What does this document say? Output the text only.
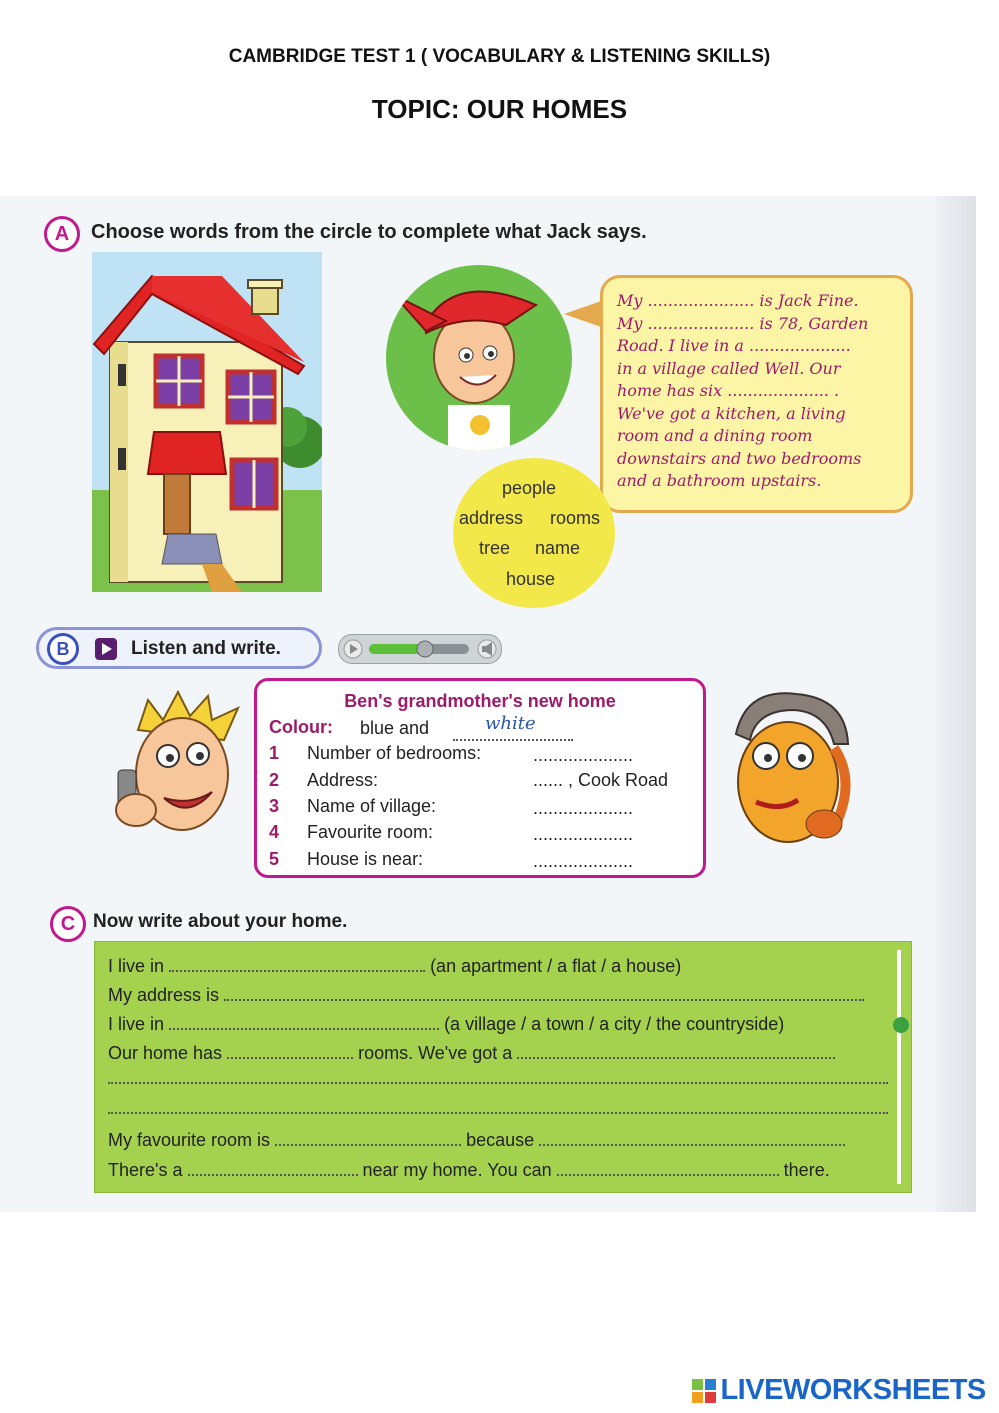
CAMBRIDGE TEST 1 ( VOCABULARY & LISTENING SKILLS)
TOPIC: OUR HOMES
A	Choose words from the circle to complete what Jack says.
My ..................... is Jack Fine.
My ..................... is 78, Garden
Road. I live in a ....................
in a village called Well. Our
home has six .................... .
We've got a kitchen, a living
room and a dining room
downstairs and two bedrooms
and a bathroom upstairs.
people
address rooms
tree name
house
B	Listen and write.
Ben's grandmother's new home
Colour: blue and	white
1 Number of bedrooms:	....................
2 Address:	...... , Cook Road
3 Name of village:	....................
4 Favourite room:	....................
5 House is near:	....................
C Now write about your home.
I live in	(an apartment / a flat / a house)
My address is
I live in	(a village / a town / a city / the countryside)
Our home has	rooms. We've got a
My favourite room is	because
There's a	near my home. You can	there.
LIVEWORKSHEETS
